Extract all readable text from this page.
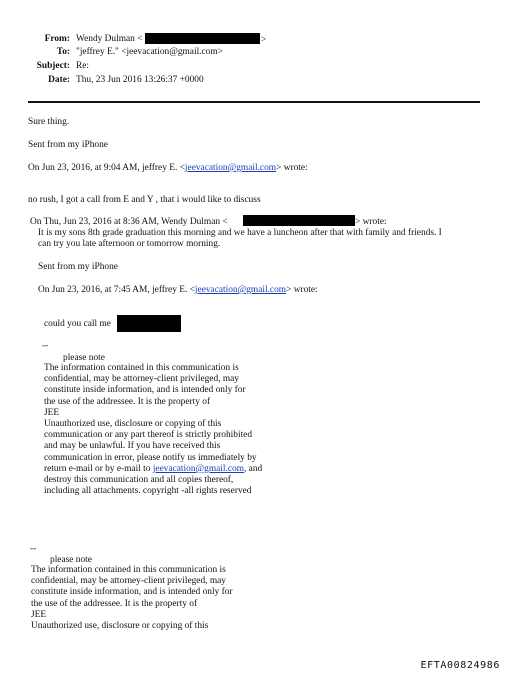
From: Wendy Dulman <	>
To: "jeffrey E." <jeevacation@gmail.com>
Subject: Re:
Date: Thu, 23 Jun 2016 13:26:37 +0000
Sure thing.
Sent from my iPhone
On Jun 23, 2016, at 9:04 AM, jeffrey E. <jeevacation@gmail.com> wrote:
no rush, I got a call from E and Y , that i would like to discuss
On Thu, Jun 23, 2016 at 8:36 AM, Wendy Dulman <	> wrote:
It is my sons 8th grade graduation this morning and we have a luncheon after that with family and friends. I
can try you late afternoon or tomorrow morning.
Sent from my iPhone
On Jun 23, 2016, at 7:45 AM, jeffrey E. <jeevacation@gmail.com> wrote:
could you call me
--
please note
The information contained in this communication is
confidential, may be attorney-client privileged, may
constitute inside information, and is intended only for
the use of the addressee. It is the property of
JEE
Unauthorized use, disclosure or copying of this
communication or any part thereof is strictly prohibited
and may be unlawful. If you have received this
communication in error, please notify us immediately by
return e-mail or by e-mail to jeevacation@gmail.com, and
destroy this communication and all copies thereof,
including all attachments. copyright -all rights reserved
--
please note
The information contained in this communication is
confidential, may be attorney-client privileged, may
constitute inside information, and is intended only for
the use of the addressee. It is the property of
JEE
Unauthorized use, disclosure or copying of this
EFTA00824986
